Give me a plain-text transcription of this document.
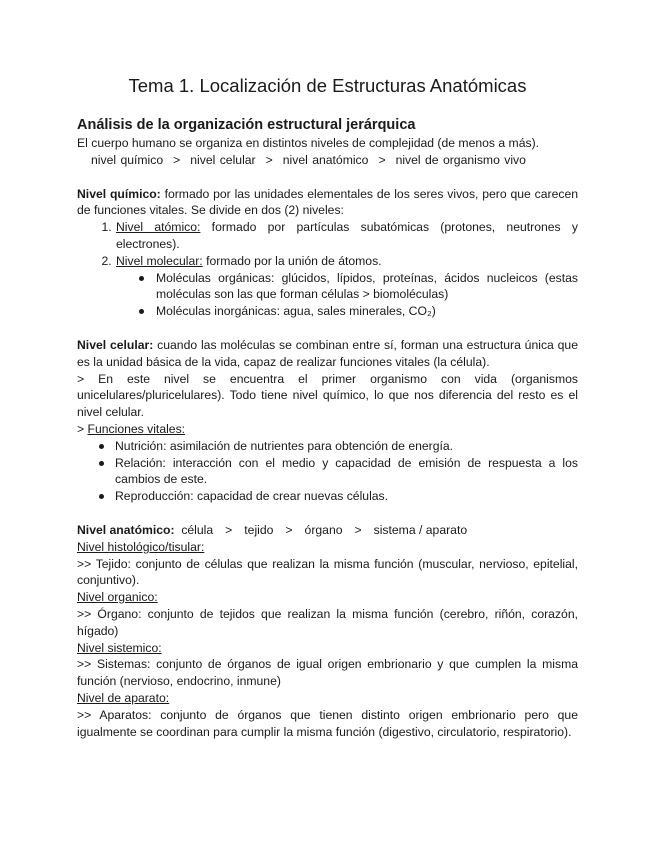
Tema 1. Localización de Estructuras Anatómicas
Análisis de la organización estructural jerárquica

El cuerpo humano se organiza en distintos niveles de complejidad (de menos a más).

nivel químico > nivel celular > nivel anatómico > nivel de organismo vivo

Nivel químico: formado por las unidades elementales de los seres vivos, pero que carecen de funciones vitales. Se divide en dos (2) niveles:

1. Nivel atómico: formado por partículas subatómicas (protones, neutrones y electrones).
2. Nivel molecular: formado por la unión de átomos.
Moléculas orgánicas: glúcidos, lípidos, proteínas, ácidos nucleicos (estas moléculas son las que forman células > biomoléculas)
Moléculas inorgánicas: agua, sales minerales, CO₂)

Nivel celular: cuando las moléculas se combinan entre sí, forman una estructura única que es la unidad básica de la vida, capaz de realizar funciones vitales (la célula).

> En este nivel se encuentra el primer organismo con vida (organismos unicelulares/pluricelulares). Todo tiene nivel químico, lo que nos diferencia del resto es el nivel celular.

> Funciones vitales:

Nutrición: asimilación de nutrientes para obtención de energía.
Relación: interacción con el medio y capacidad de emisión de respuesta a los cambios de este.
Reproducción: capacidad de crear nuevas células.

Nivel anatómico: célula > tejido > órgano > sistema / aparato

Nivel histológico/tisular:

>> Tejido: conjunto de células que realizan la misma función (muscular, nervioso, epitelial, conjuntivo).

Nivel organico:

>> Órgano: conjunto de tejidos que realizan la misma función (cerebro, riñón, corazón, hígado)

Nivel sistemico:

>> Sistemas: conjunto de órganos de igual origen embrionario y que cumplen la misma función (nervioso, endocrino, inmune)

Nivel de aparato:

>> Aparatos: conjunto de órganos que tienen distinto origen embrionario pero que igualmente se coordinan para cumplir la misma función (digestivo, circulatorio, respiratorio).
